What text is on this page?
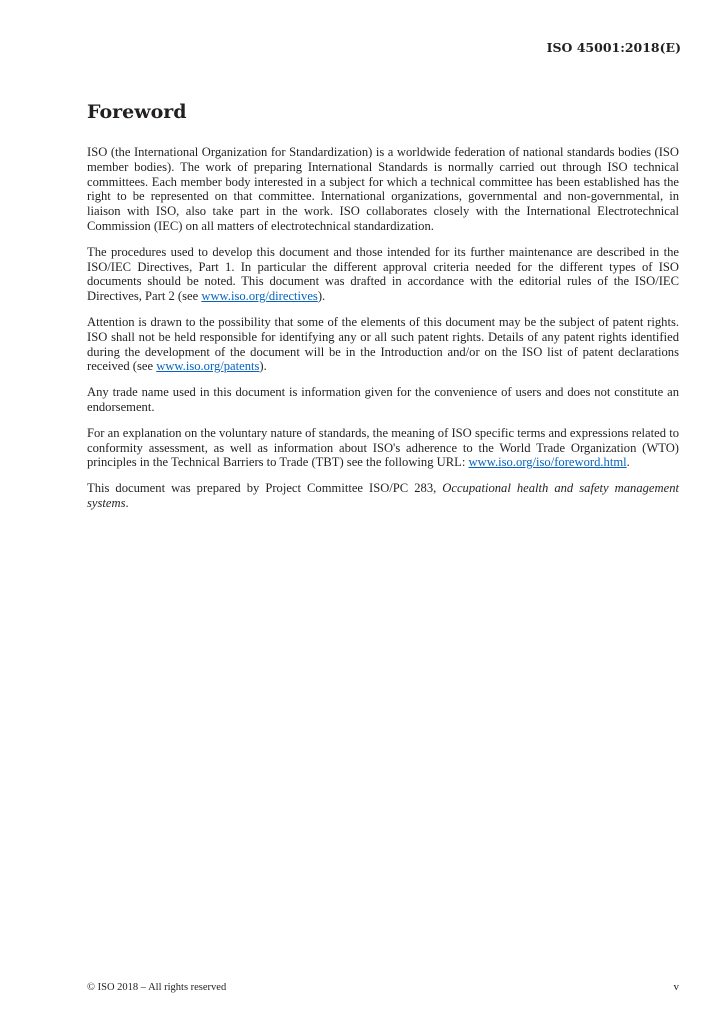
ISO 45001:2018(E)
Foreword

ISO (the International Organization for Standardization) is a worldwide federation of national standards bodies (ISO member bodies). The work of preparing International Standards is normally carried out through ISO technical committees. Each member body interested in a subject for which a technical committee has been established has the right to be represented on that committee. International organizations, governmental and non-governmental, in liaison with ISO, also take part in the work. ISO collaborates closely with the International Electrotechnical Commission (IEC) on all matters of electrotechnical standardization.

The procedures used to develop this document and those intended for its further maintenance are described in the ISO/IEC Directives, Part 1. In particular the different approval criteria needed for the different types of ISO documents should be noted. This document was drafted in accordance with the editorial rules of the ISO/IEC Directives, Part 2 (see www.iso.org/directives).

Attention is drawn to the possibility that some of the elements of this document may be the subject of patent rights. ISO shall not be held responsible for identifying any or all such patent rights. Details of any patent rights identified during the development of the document will be in the Introduction and/or on the ISO list of patent declarations received (see www.iso.org/patents).

Any trade name used in this document is information given for the convenience of users and does not constitute an endorsement.

For an explanation on the voluntary nature of standards, the meaning of ISO specific terms and expressions related to conformity assessment, as well as information about ISO's adherence to the World Trade Organization (WTO) principles in the Technical Barriers to Trade (TBT) see the following URL: www.iso.org/iso/foreword.html.

This document was prepared by Project Committee ISO/PC 283, Occupational health and safety management systems.

© ISO 2018 – All rights reserved	v
